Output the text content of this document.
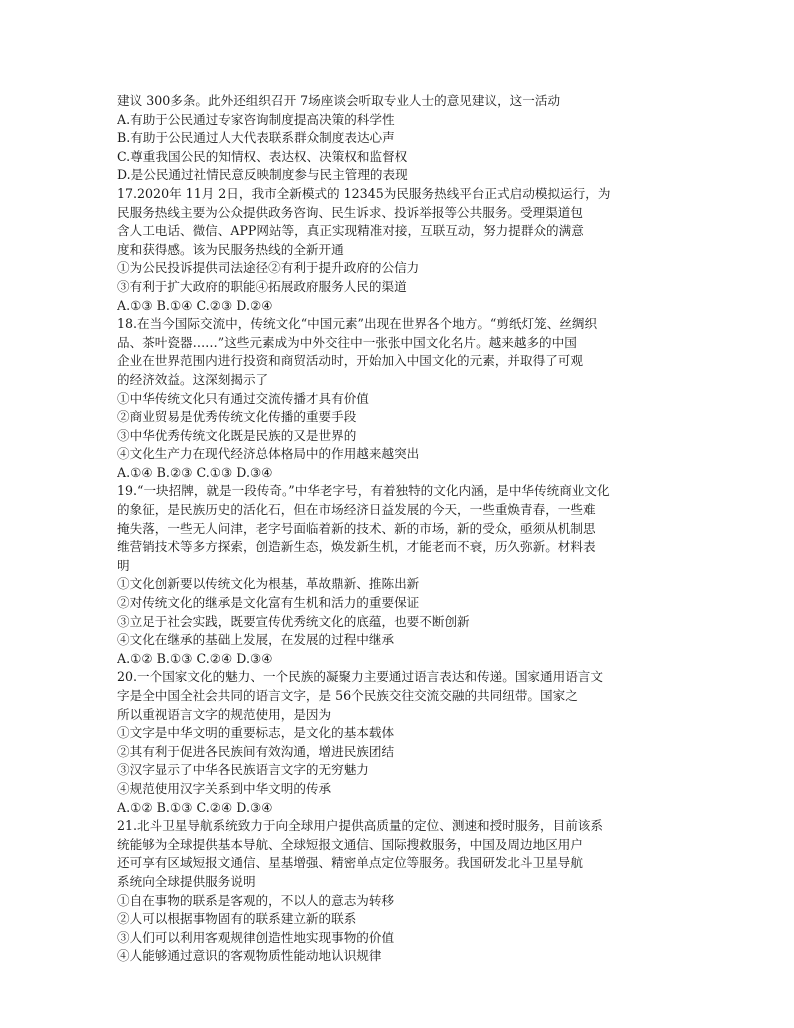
建议 300多条。此外还组织召开 7场座谈会听取专业人士的意见建议，这一活动
A.有助于公民通过专家咨询制度提高决策的科学性
B.有助于公民通过人大代表联系群众制度表达心声
C.尊重我国公民的知情权、表达权、决策权和监督权
D.是公民通过社情民意反映制度参与民主管理的表现
17.2020年 11月 2日，我市全新模式的 12345为民服务热线平台正式启动模拟运行，为
民服务热线主要为公众提供政务咨询、民生诉求、投诉举报等公共服务。受理渠道包
含人工电话、微信、APP网站等，真正实现精准对接，互联互动，努力提群众的满意
度和获得感。该为民服务热线的全新开通
①为公民投诉提供司法途径②有利于提升政府的公信力
③有利于扩大政府的职能④拓展政府服务人民的渠道
A.①③ B.①④ C.②③ D.②④
18.在当今国际交流中，传统文化“中国元素”出现在世界各个地方。“剪纸灯笼、丝绸织
品、茶叶瓷器……”这些元素成为中外交往中一张张中国文化名片。越来越多的中国
企业在世界范围内进行投资和商贸活动时，开始加入中国文化的元素，并取得了可观
的经济效益。这深刻揭示了
①中华传统文化只有通过交流传播才具有价值
②商业贸易是优秀传统文化传播的重要手段
③中华优秀传统文化既是民族的又是世界的
④文化生产力在现代经济总体格局中的作用越来越突出
A.①④ B.②③ C.①③ D.③④
19.“一块招牌，就是一段传奇。”中华老字号，有着独特的文化内涵，是中华传统商业文化
的象征，是民族历史的活化石，但在市场经济日益发展的今天，一些重焕青春，一些难
掩失落，一些无人问津，老字号面临着新的技术、新的市场，新的受众，亟须从机制思
维营销技术等多方探索，创造新生态，焕发新生机，才能老而不衰，历久弥新。材料表
明
①文化创新要以传统文化为根基，革故鼎新、推陈出新
②对传统文化的继承是文化富有生机和活力的重要保证
③立足于社会实践，既要宣传优秀统文化的底蕴，也要不断创新
④文化在继承的基础上发展，在发展的过程中继承
A.①② B.①③ C.②④ D.③④
20.一个国家文化的魅力、一个民族的凝聚力主要通过语言表达和传递。国家通用语言文
字是全中国全社会共同的语言文字，是 56个民族交往交流交融的共同纽带。国家之
所以重视语言文字的规范使用，是因为
①文字是中华文明的重要标志，是文化的基本载体
②其有利于促进各民族间有效沟通，增进民族团结
③汉字显示了中华各民族语言文字的无穷魅力
④规范使用汉字关系到中华文明的传承
A.①② B.①③ C.②④ D.③④
21.北斗卫星导航系统致力于向全球用户提供高质量的定位、测速和授时服务，目前该系
统能够为全球提供基本导航、全球短报文通信、国际搜救服务，中国及周边地区用户
还可享有区域短报文通信、星基增强、精密单点定位等服务。我国研发北斗卫星导航
系统向全球提供服务说明
①自在事物的联系是客观的，不以人的意志为转移
②人可以根据事物固有的联系建立新的联系
③人们可以利用客观规律创造性地实现事物的价值
④人能够通过意识的客观物质性能动地认识规律
